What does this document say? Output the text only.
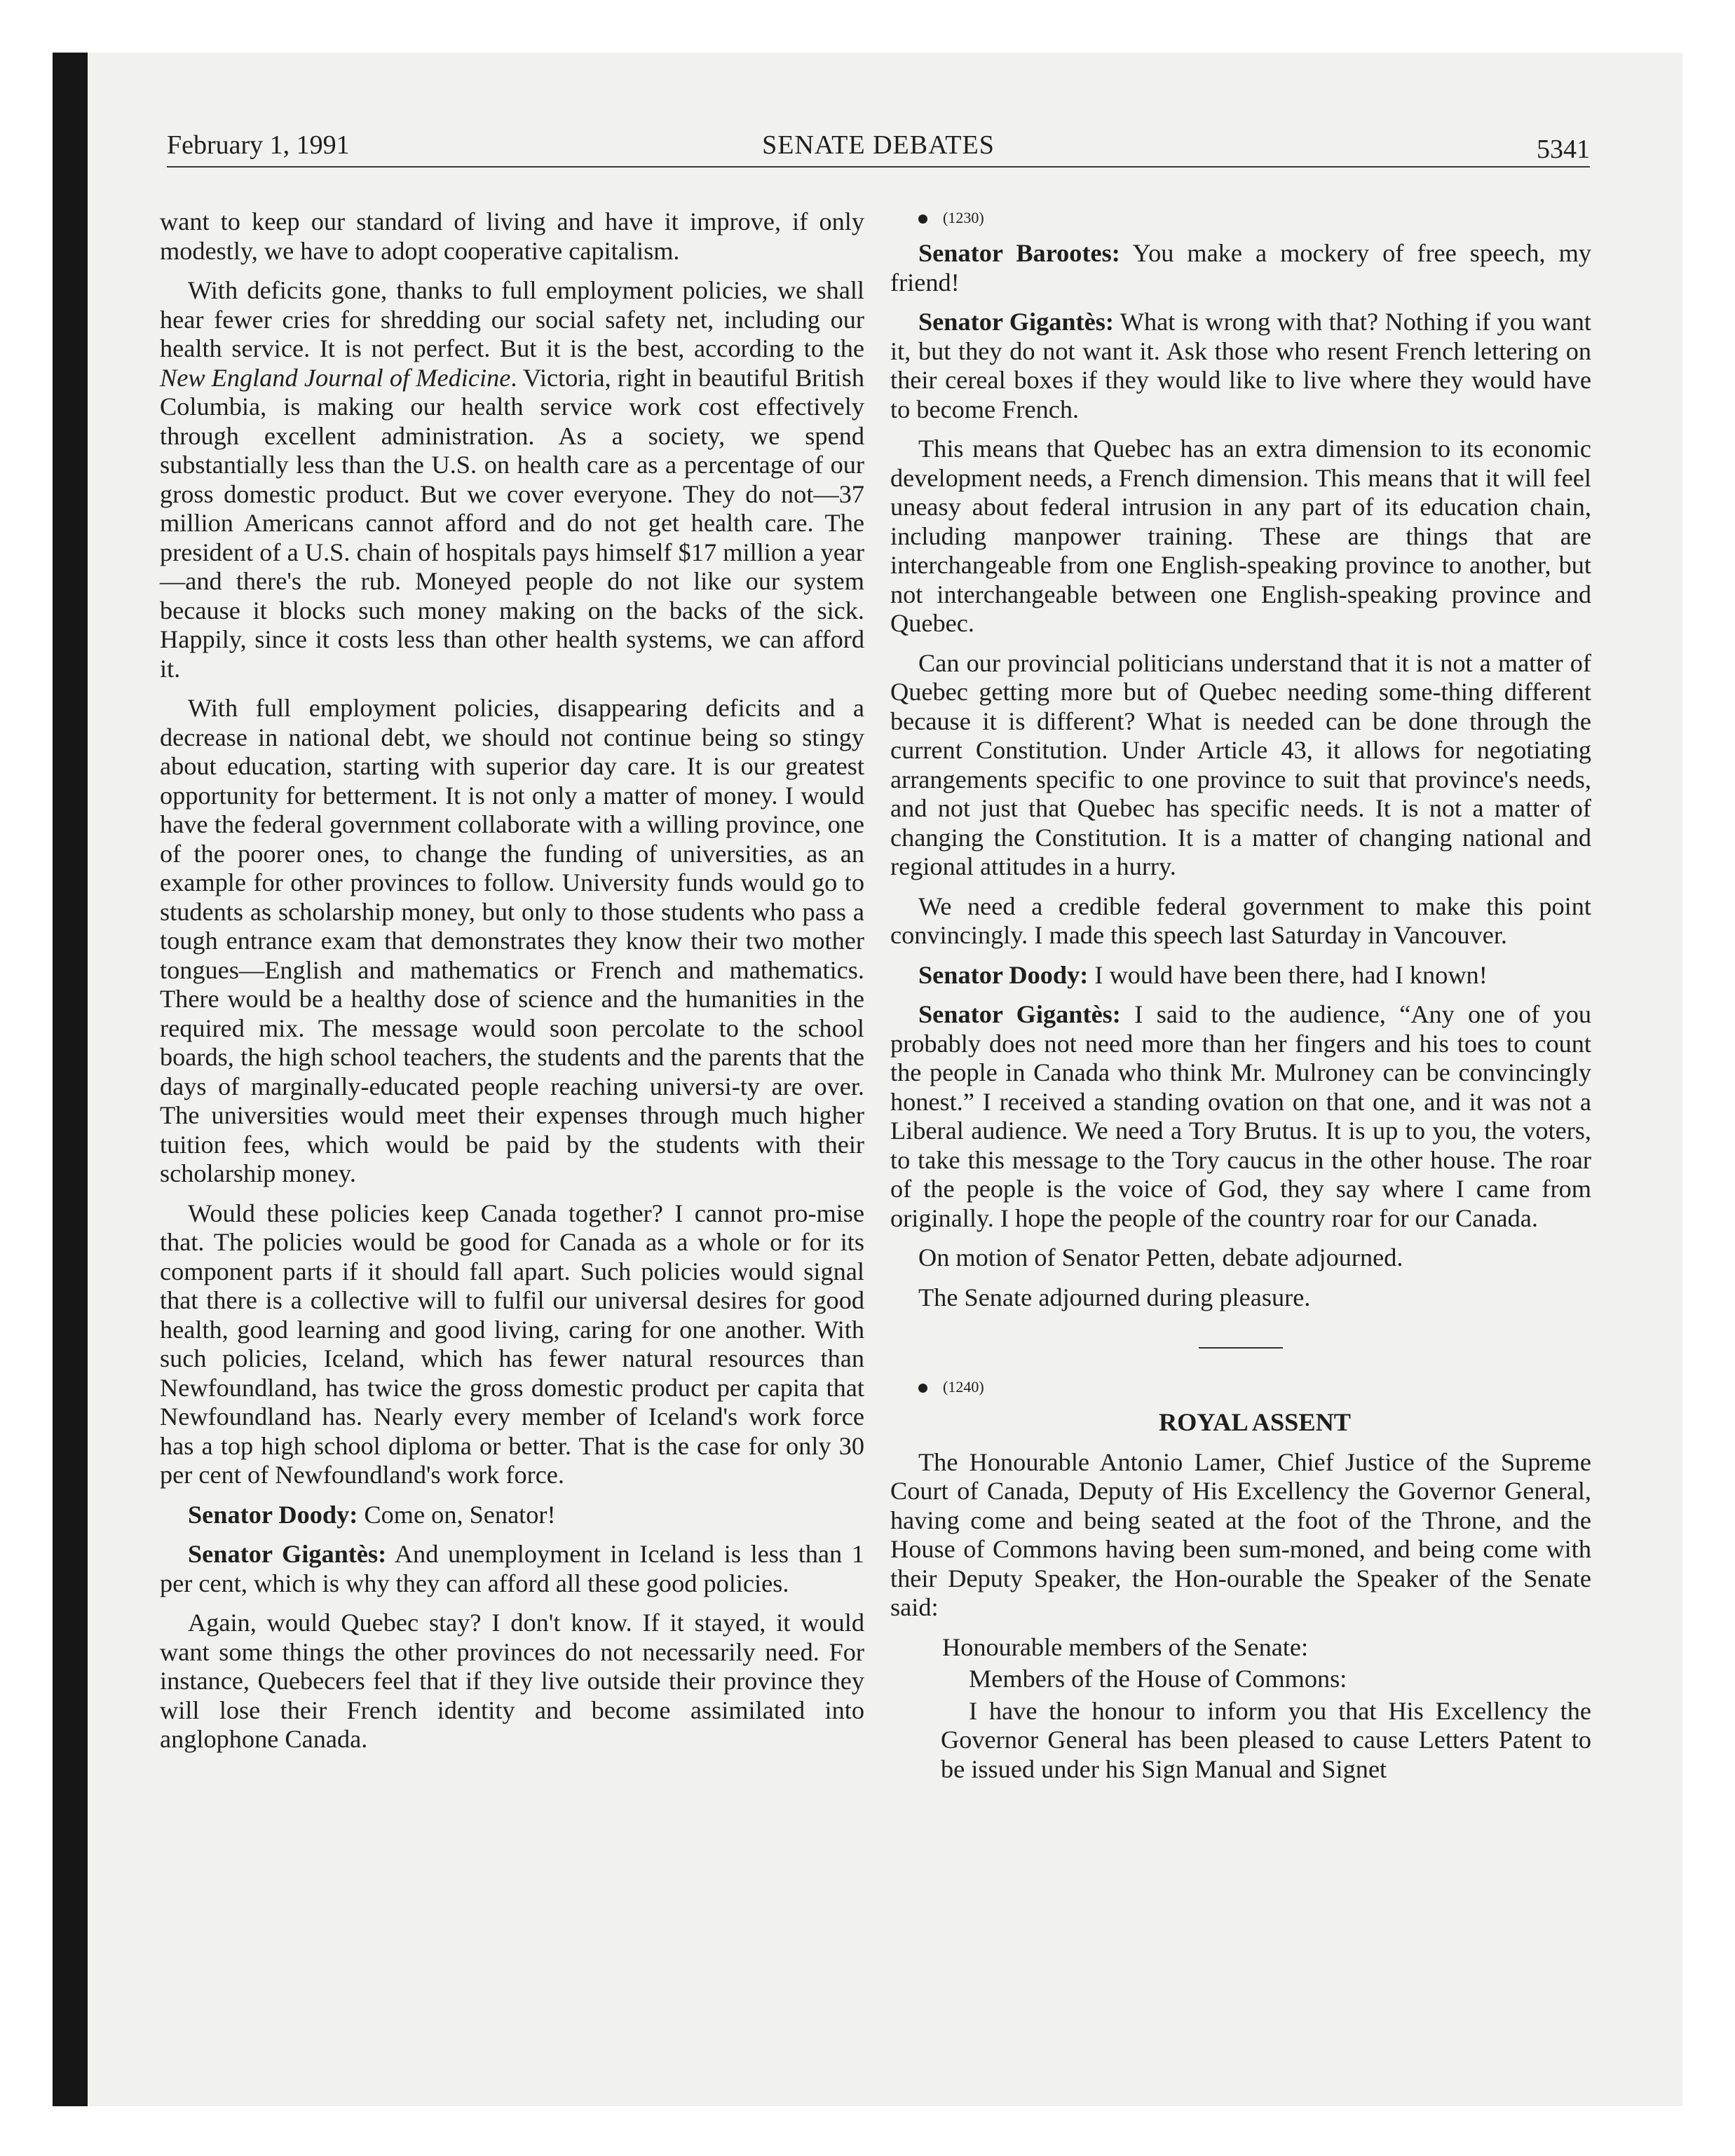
February 1, 1991	SENATE DEBATES	5341

want to keep our standard of living and have it improve, if only modestly, we have to adopt cooperative capitalism.

With deficits gone, thanks to full employment policies, we shall hear fewer cries for shredding our social safety net, including our health service. It is not perfect. But it is the best, according to the New England Journal of Medicine. Victoria, right in beautiful British Columbia, is making our health service work cost effectively through excellent administration. As a society, we spend substantially less than the U.S. on health care as a percentage of our gross domestic product. But we cover everyone. They do not—37 million Americans cannot afford and do not get health care. The president of a U.S. chain of hospitals pays himself $17 million a year—and there's the rub. Moneyed people do not like our system because it blocks such money making on the backs of the sick. Happily, since it costs less than other health systems, we can afford it.

With full employment policies, disappearing deficits and a decrease in national debt, we should not continue being so stingy about education, starting with superior day care. It is our greatest opportunity for betterment. It is not only a matter of money. I would have the federal government collaborate with a willing province, one of the poorer ones, to change the funding of universities, as an example for other provinces to follow. University funds would go to students as scholarship money, but only to those students who pass a tough entrance exam that demonstrates they know their two mother tongues—English and mathematics or French and mathematics. There would be a healthy dose of science and the humanities in the required mix. The message would soon percolate to the school boards, the high school teachers, the students and the parents that the days of marginally-educated people reaching universi-ty are over. The universities would meet their expenses through much higher tuition fees, which would be paid by the students with their scholarship money.

Would these policies keep Canada together? I cannot pro-mise that. The policies would be good for Canada as a whole or for its component parts if it should fall apart. Such policies would signal that there is a collective will to fulfil our universal desires for good health, good learning and good living, caring for one another. With such policies, Iceland, which has fewer natural resources than Newfoundland, has twice the gross domestic product per capita that Newfoundland has. Nearly every member of Iceland's work force has a top high school diploma or better. That is the case for only 30 per cent of Newfoundland's work force.

Senator Doody: Come on, Senator!

Senator Gigantès: And unemployment in Iceland is less than 1 per cent, which is why they can afford all these good policies.

Again, would Quebec stay? I don't know. If it stayed, it would want some things the other provinces do not necessarily need. For instance, Quebecers feel that if they live outside their province they will lose their French identity and become assimilated into anglophone Canada.

(1230)

Senator Barootes: You make a mockery of free speech, my friend!

Senator Gigantès: What is wrong with that? Nothing if you want it, but they do not want it. Ask those who resent French lettering on their cereal boxes if they would like to live where they would have to become French.

This means that Quebec has an extra dimension to its economic development needs, a French dimension. This means that it will feel uneasy about federal intrusion in any part of its education chain, including manpower training. These are things that are interchangeable from one English-speaking province to another, but not interchangeable between one English-speaking province and Quebec.

Can our provincial politicians understand that it is not a matter of Quebec getting more but of Quebec needing some-thing different because it is different? What is needed can be done through the current Constitution. Under Article 43, it allows for negotiating arrangements specific to one province to suit that province's needs, and not just that Quebec has specific needs. It is not a matter of changing the Constitution. It is a matter of changing national and regional attitudes in a hurry.

We need a credible federal government to make this point convincingly. I made this speech last Saturday in Vancouver.

Senator Doody: I would have been there, had I known!

Senator Gigantès: I said to the audience, “Any one of you probably does not need more than her fingers and his toes to count the people in Canada who think Mr. Mulroney can be convincingly honest.” I received a standing ovation on that one, and it was not a Liberal audience. We need a Tory Brutus. It is up to you, the voters, to take this message to the Tory caucus in the other house. The roar of the people is the voice of God, they say where I came from originally. I hope the people of the country roar for our Canada.

On motion of Senator Petten, debate adjourned.

The Senate adjourned during pleasure.

(1240)

ROYAL ASSENT

The Honourable Antonio Lamer, Chief Justice of the Supreme Court of Canada, Deputy of His Excellency the Governor General, having come and being seated at the foot of the Throne, and the House of Commons having been sum-moned, and being come with their Deputy Speaker, the Hon-ourable the Speaker of the Senate said:

Honourable members of the Senate:

Members of the House of Commons:

I have the honour to inform you that His Excellency the Governor General has been pleased to cause Letters Patent to be issued under his Sign Manual and Signet
